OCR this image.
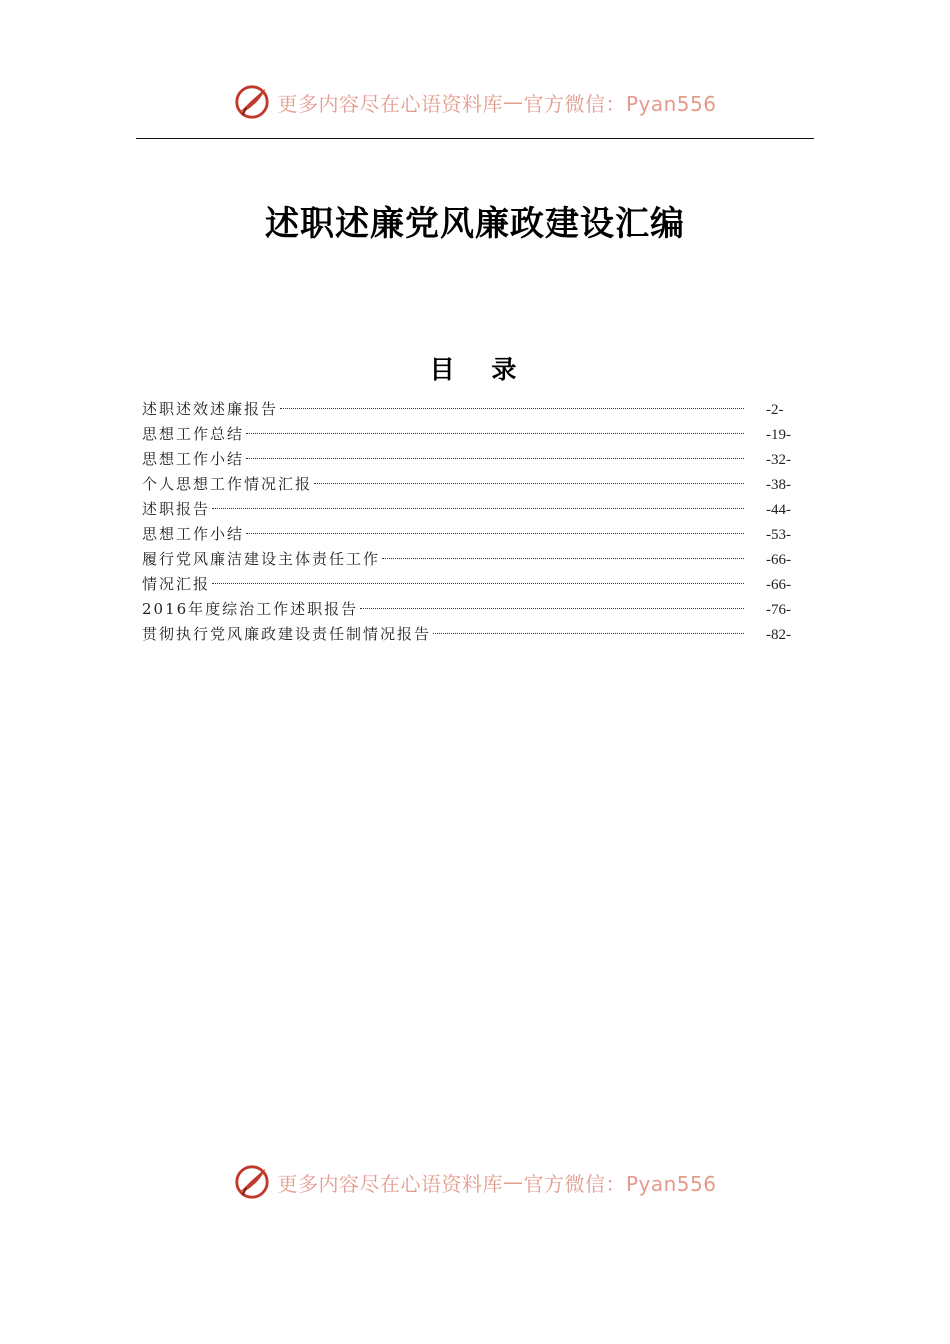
更多内容尽在心语资料库 — 官方微信：Pyan556
述职述廉党风廉政建设汇编
目 录
述职述效述廉报告	-2-
思想工作总结	-19-
思想工作小结	-32-
个人思想工作情况汇报	-38-
述职报告	-44-
思想工作小结	-53-
履行党风廉洁建设主体责任工作	-66-
情况汇报	-66-
2016年度综治工作述职报告	-76-
贯彻执行党风廉政建设责任制情况报告	-82-
更多内容尽在心语资料库 — 官方微信：Pyan556
